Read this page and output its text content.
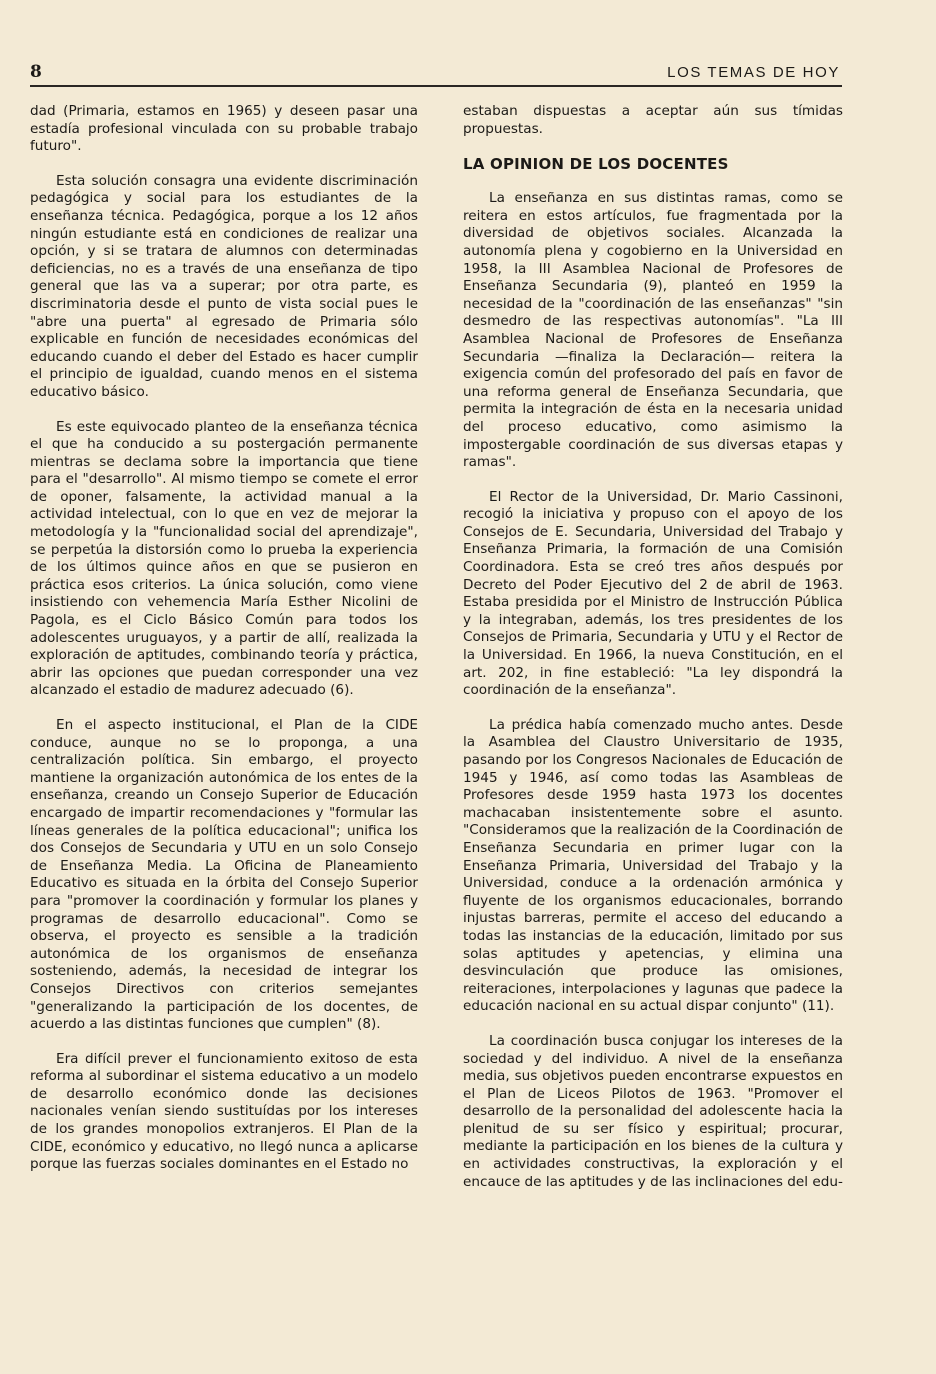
8	LOS TEMAS DE HOY

dad (Primaria, estamos en 1965) y deseen pasar una estadía profesional vinculada con su probable trabajo futuro".

Esta solución consagra una evidente discriminación pedagógica y social para los estudiantes de la enseñanza técnica. Pedagógica, porque a los 12 años ningún estudiante está en condiciones de realizar una opción, y si se tratara de alumnos con determinadas deficiencias, no es a través de una enseñanza de tipo general que las va a superar; por otra parte, es discriminatoria desde el punto de vista social pues le "abre una puerta" al egresado de Primaria sólo explicable en función de necesidades económicas del educando cuando el deber del Estado es hacer cumplir el principio de igualdad, cuando menos en el sistema educativo básico.

Es este equivocado planteo de la enseñanza técnica el que ha conducido a su postergación permanente mientras se declama sobre la importancia que tiene para el "desarrollo". Al mismo tiempo se comete el error de oponer, falsamente, la actividad manual a la actividad intelectual, con lo que en vez de mejorar la metodología y la "funcionalidad social del aprendizaje", se perpetúa la distorsión como lo prueba la experiencia de los últimos quince años en que se pusieron en práctica esos criterios. La única solución, como viene insistiendo con vehemencia María Esther Nicolini de Pagola, es el Ciclo Básico Común para todos los adolescentes uruguayos, y a partir de allí, realizada la exploración de aptitudes, combinando teoría y práctica, abrir las opciones que puedan corresponder una vez alcanzado el estadio de madurez adecuado (6).

En el aspecto institucional, el Plan de la CIDE conduce, aunque no se lo proponga, a una centralización política. Sin embargo, el proyecto mantiene la organización autonómica de los entes de la enseñanza, creando un Consejo Superior de Educación encargado de impartir recomendaciones y "formular las líneas generales de la política educacional"; unifica los dos Consejos de Secundaria y UTU en un solo Consejo de Enseñanza Media. La Oficina de Planeamiento Educativo es situada en la órbita del Consejo Superior para "promover la coordinación y formular los planes y programas de desarrollo educacional". Como se observa, el proyecto es sensible a la tradición autonómica de los organismos de enseñanza sosteniendo, además, la necesidad de integrar los Consejos Directivos con criterios semejantes "generalizando la participación de los docentes, de acuerdo a las distintas funciones que cumplen" (8).

Era difícil prever el funcionamiento exitoso de esta reforma al subordinar el sistema educativo a un modelo de desarrollo económico donde las decisiones nacionales venían siendo sustituídas por los intereses de los grandes monopolios extranjeros. El Plan de la CIDE, económico y educativo, no llegó nunca a aplicarse porque las fuerzas sociales dominantes en el Estado no

estaban dispuestas a aceptar aún sus tímidas propuestas.

LA OPINION DE LOS DOCENTES

La enseñanza en sus distintas ramas, como se reitera en estos artículos, fue fragmentada por la diversidad de objetivos sociales. Alcanzada la autonomía plena y cogobierno en la Universidad en 1958, la III Asamblea Nacional de Profesores de Enseñanza Secundaria (9), planteó en 1959 la necesidad de la "coordinación de las enseñanzas" "sin desmedro de las respectivas autonomías". "La III Asamblea Nacional de Profesores de Enseñanza Secundaria —finaliza la Declaración— reitera la exigencia común del profesorado del país en favor de una reforma general de Enseñanza Secundaria, que permita la integración de ésta en la necesaria unidad del proceso educativo, como asimismo la impostergable coordinación de sus diversas etapas y ramas".

El Rector de la Universidad, Dr. Mario Cassinoni, recogió la iniciativa y propuso con el apoyo de los Consejos de E. Secundaria, Universidad del Trabajo y Enseñanza Primaria, la formación de una Comisión Coordinadora. Esta se creó tres años después por Decreto del Poder Ejecutivo del 2 de abril de 1963. Estaba presidida por el Ministro de Instrucción Pública y la integraban, además, los tres presidentes de los Consejos de Primaria, Secundaria y UTU y el Rector de la Universidad. En 1966, la nueva Constitución, en el art. 202, in fine estableció: "La ley dispondrá la coordinación de la enseñanza".

La prédica había comenzado mucho antes. Desde la Asamblea del Claustro Universitario de 1935, pasando por los Congresos Nacionales de Educación de 1945 y 1946, así como todas las Asambleas de Profesores desde 1959 hasta 1973 los docentes machacaban insistentemente sobre el asunto. "Consideramos que la realización de la Coordinación de Enseñanza Secundaria en primer lugar con la Enseñanza Primaria, Universidad del Trabajo y la Universidad, conduce a la ordenación armónica y fluyente de los organismos educacionales, borrando injustas barreras, permite el acceso del educando a todas las instancias de la educación, limitado por sus solas aptitudes y apetencias, y elimina una desvinculación que produce las omisiones, reiteraciones, interpolaciones y lagunas que padece la educación nacional en su actual dispar conjunto" (11).

La coordinación busca conjugar los intereses de la sociedad y del individuo. A nivel de la enseñanza media, sus objetivos pueden encontrarse expuestos en el Plan de Liceos Pilotos de 1963. "Promover el desarrollo de la personalidad del adolescente hacia la plenitud de su ser físico y espiritual; procurar, mediante la participación en los bienes de la cultura y en actividades constructivas, la exploración y el encauce de las aptitudes y de las inclinaciones del edu-
